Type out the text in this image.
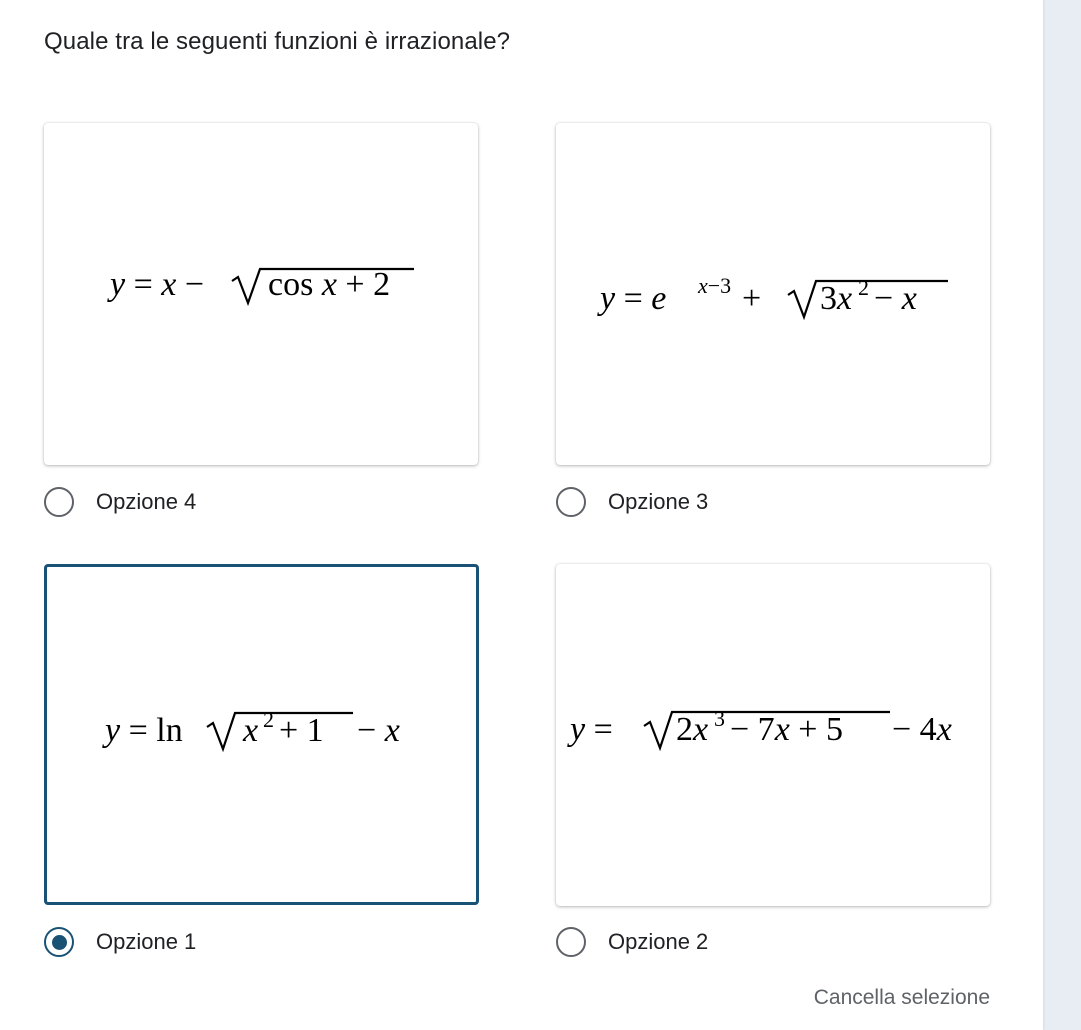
Quale tra le seguenti funzioni è irrazionale?
y = x − cos x + 2
Opzione 4
y = e x−3 + 3x 2 − x
Opzione 3
y = ln x 2 + 1 − x
Opzione 1
y = 2x 3 − 7x + 5 − 4x
Opzione 2
Cancella selezione
